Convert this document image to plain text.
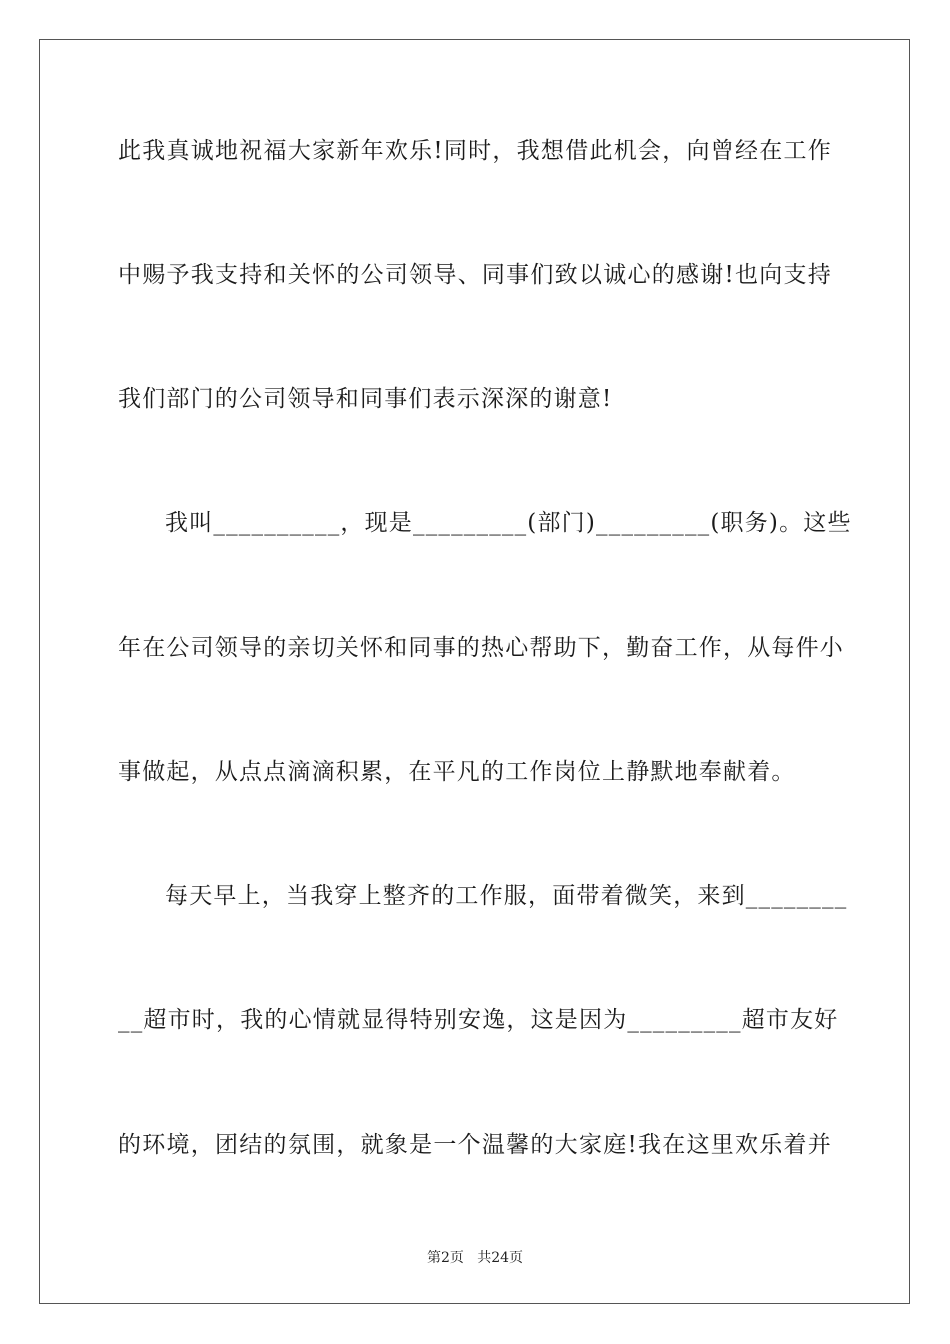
此我真诚地祝福大家新年欢乐!同时，我想借此机会，向曾经在工作
中赐予我支持和关怀的公司领导、同事们致以诚心的感谢!也向支持
我们部门的公司领导和同事们表示深深的谢意!
我叫__________，现是_________(部门)_________(职务)。这些
年在公司领导的亲切关怀和同事的热心帮助下，勤奋工作，从每件小
事做起，从点点滴滴积累，在平凡的工作岗位上静默地奉献着。
每天早上，当我穿上整齐的工作服，面带着微笑，来到________
__超市时，我的心情就显得特别安逸，这是因为_________超市友好
的环境，团结的氛围，就象是一个温馨的大家庭!我在这里欢乐着并
第2页   共24页
